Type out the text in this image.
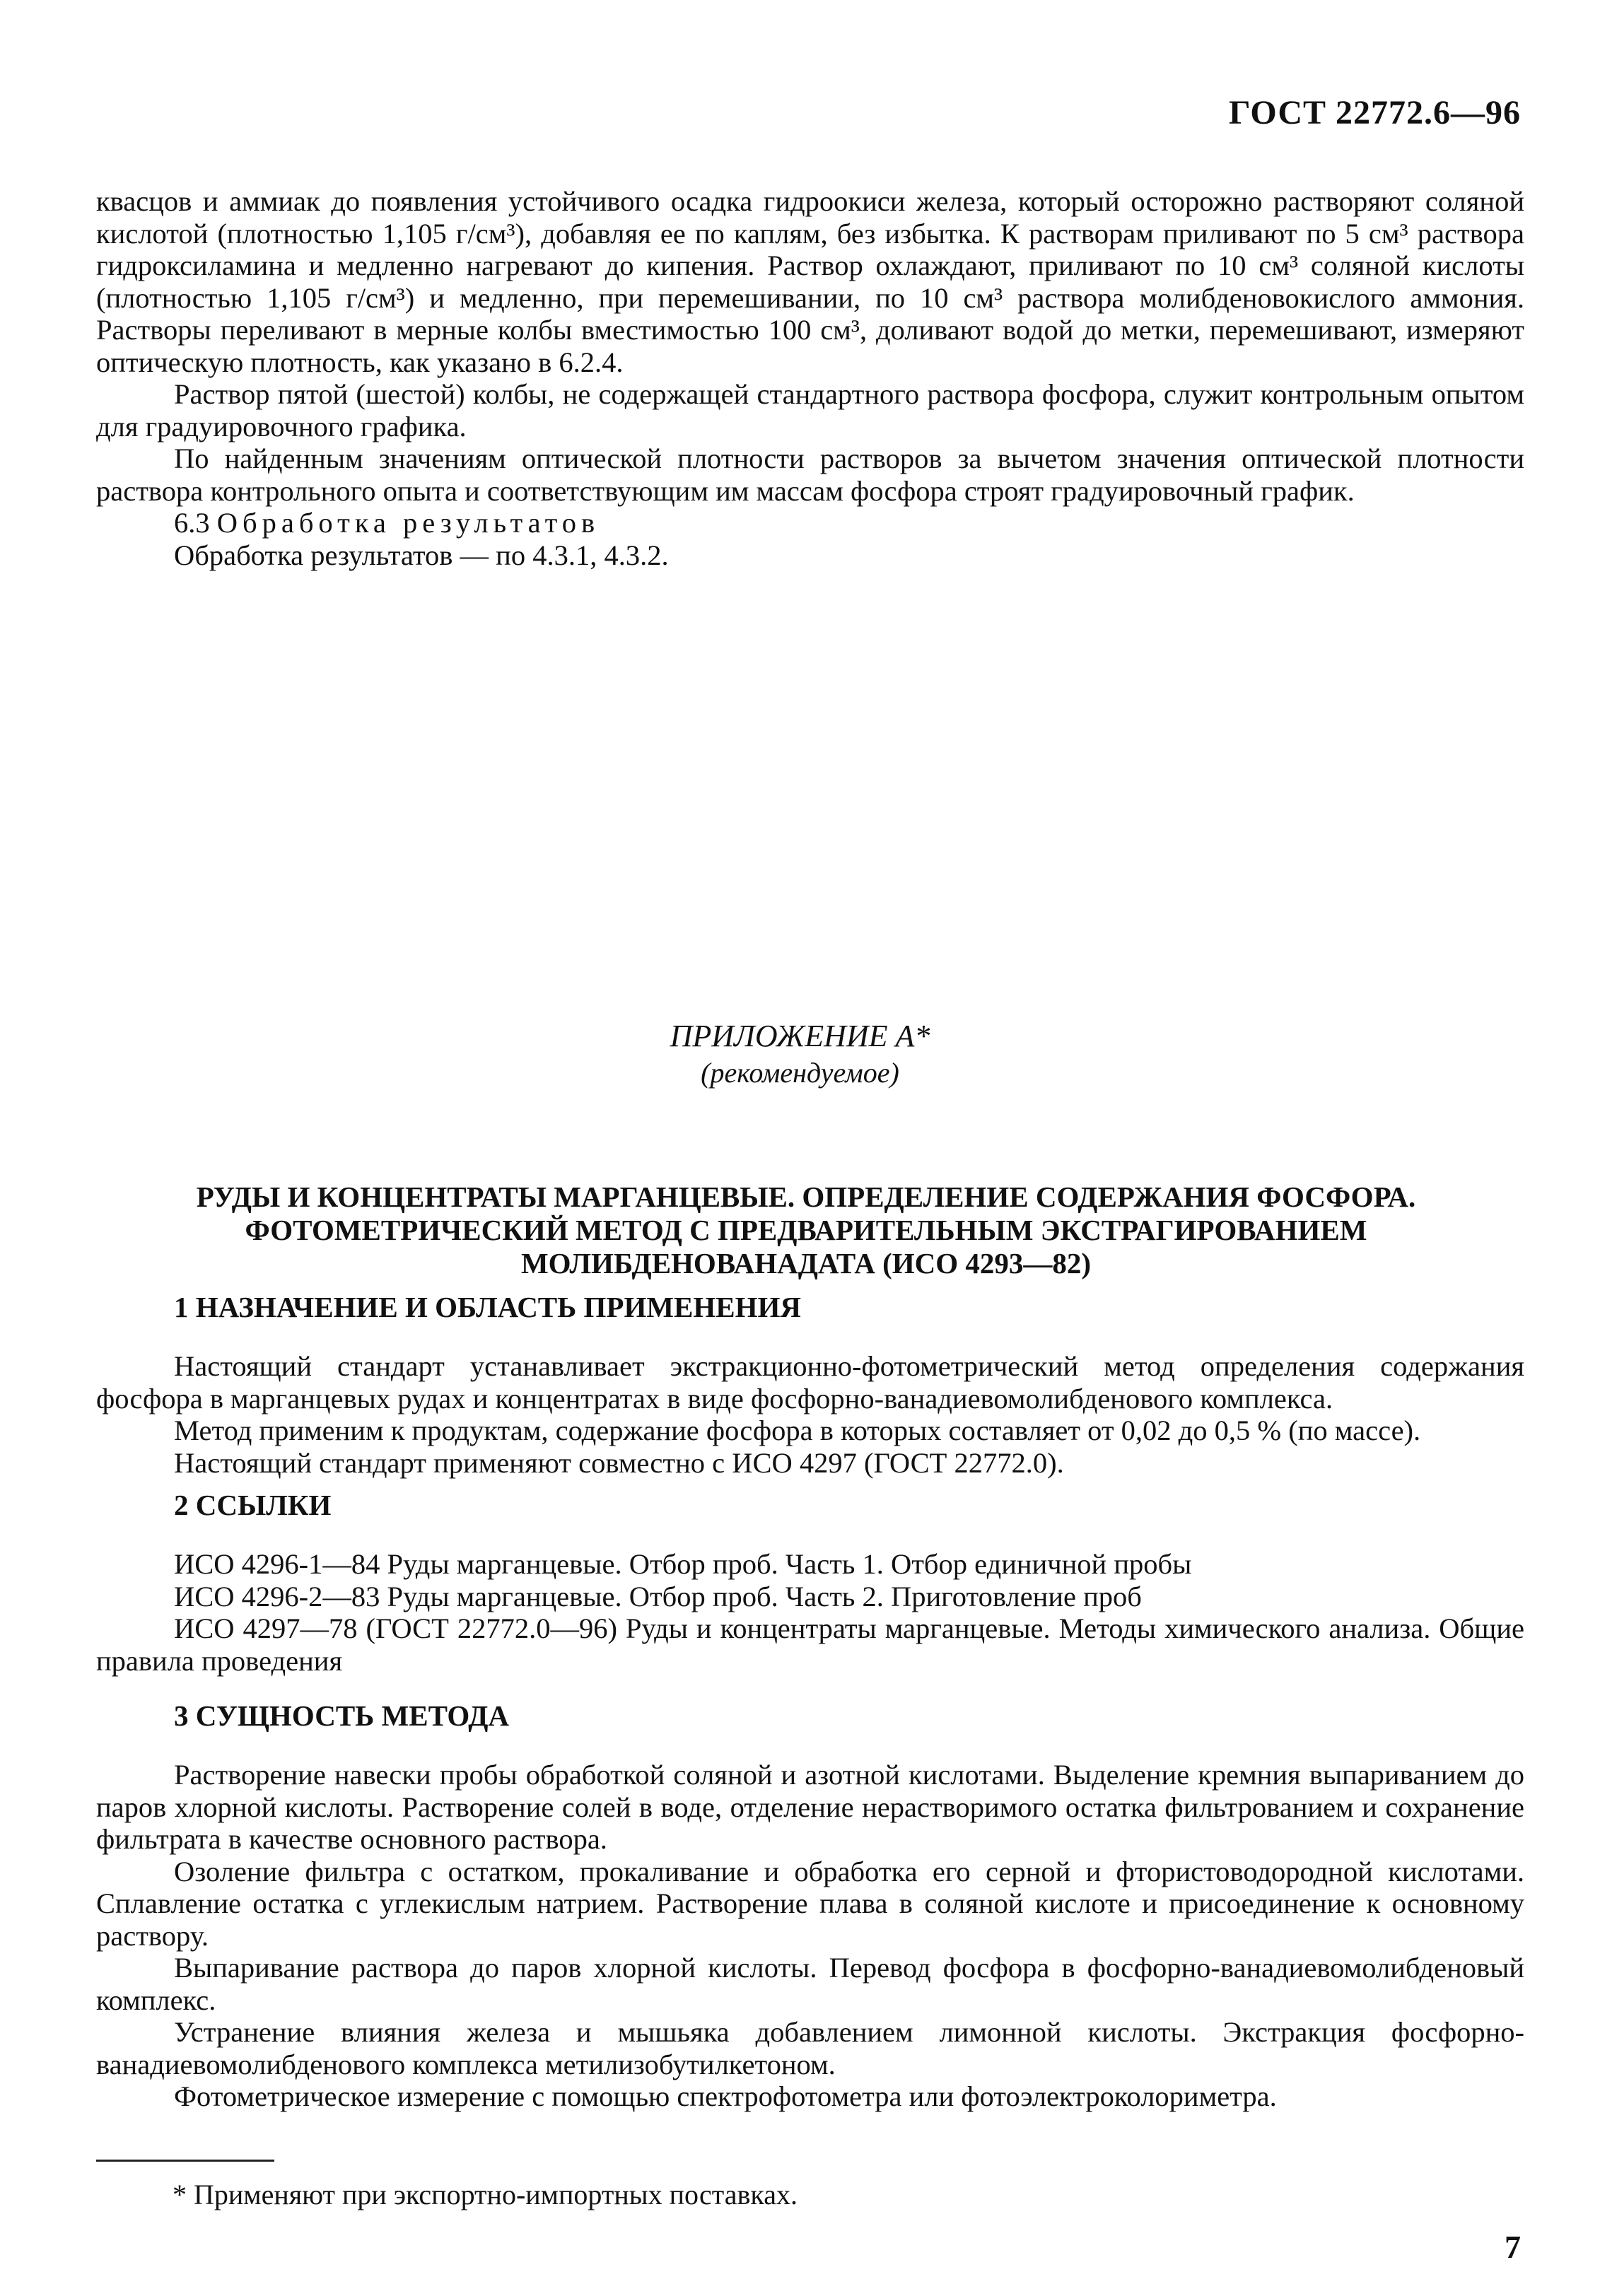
ГОСТ 22772.6—96

квасцов и аммиак до появления устойчивого осадка гидроокиси железа, который осторожно растворяют соляной кислотой (плотностью 1,105 г/см³), добавляя ее по каплям, без избытка. К растворам приливают по 5 см³ раствора гидроксиламина и медленно нагревают до кипения. Раствор охлаждают, приливают по 10 см³ соляной кислоты (плотностью 1,105 г/см³) и медленно, при перемешивании, по 10 см³ раствора молибденовокислого аммония. Растворы переливают в мерные колбы вместимостью 100 см³, доливают водой до метки, перемешивают, измеряют оптическую плотность, как указано в 6.2.4.

Раствор пятой (шестой) колбы, не содержащей стандартного раствора фосфора, служит контрольным опытом для градуировочного графика.

По найденным значениям оптической плотности растворов за вычетом значения оптической плотности раствора контрольного опыта и соответствующим им массам фосфора строят градуировочный график.

6.3 Обработка результатов

Обработка результатов — по 4.3.1, 4.3.2.

ПРИЛОЖЕНИЕ А*
(рекомендуемое)
РУДЫ И КОНЦЕНТРАТЫ МАРГАНЦЕВЫЕ. ОПРЕДЕЛЕНИЕ СОДЕРЖАНИЯ ФОСФОРА.
ФОТОМЕТРИЧЕСКИЙ МЕТОД С ПРЕДВАРИТЕЛЬНЫМ ЭКСТРАГИРОВАНИЕМ
МОЛИБДЕНОВАНАДАТА (ИСО 4293—82)
1 НАЗНАЧЕНИЕ И ОБЛАСТЬ ПРИМЕНЕНИЯ

Настоящий стандарт устанавливает экстракционно-фотометрический метод определения содержания фосфора в марганцевых рудах и концентратах в виде фосфорно-ванадиевомолибденового комплекса.

Метод применим к продуктам, содержание фосфора в которых составляет от 0,02 до 0,5 % (по массе).

Настоящий стандарт применяют совместно с ИСО 4297 (ГОСТ 22772.0).

2 ССЫЛКИ

ИСО 4296-1—84 Руды марганцевые. Отбор проб. Часть 1. Отбор единичной пробы

ИСО 4296-2—83 Руды марганцевые. Отбор проб. Часть 2. Приготовление проб

ИСО 4297—78 (ГОСТ 22772.0—96) Руды и концентраты марганцевые. Методы химического анализа. Общие правила проведения

3 СУЩНОСТЬ МЕТОДА

Растворение навески пробы обработкой соляной и азотной кислотами. Выделение кремния выпариванием до паров хлорной кислоты. Растворение солей в воде, отделение нерастворимого остатка фильтрованием и сохранение фильтрата в качестве основного раствора.

Озоление фильтра с остатком, прокаливание и обработка его серной и фтористоводородной кислотами. Сплавление остатка с углекислым натрием. Растворение плава в соляной кислоте и присоединение к основному раствору.

Выпаривание раствора до паров хлорной кислоты. Перевод фосфора в фосфорно-ванадиевомолибденовый комплекс.

Устранение влияния железа и мышьяка добавлением лимонной кислоты. Экстракция фосфорно-ванадиевомолибденового комплекса метилизобутилкетоном.

Фотометрическое измерение с помощью спектрофотометра или фотоэлектроколориметра.

* Применяют при экспортно-импортных поставках.
7
